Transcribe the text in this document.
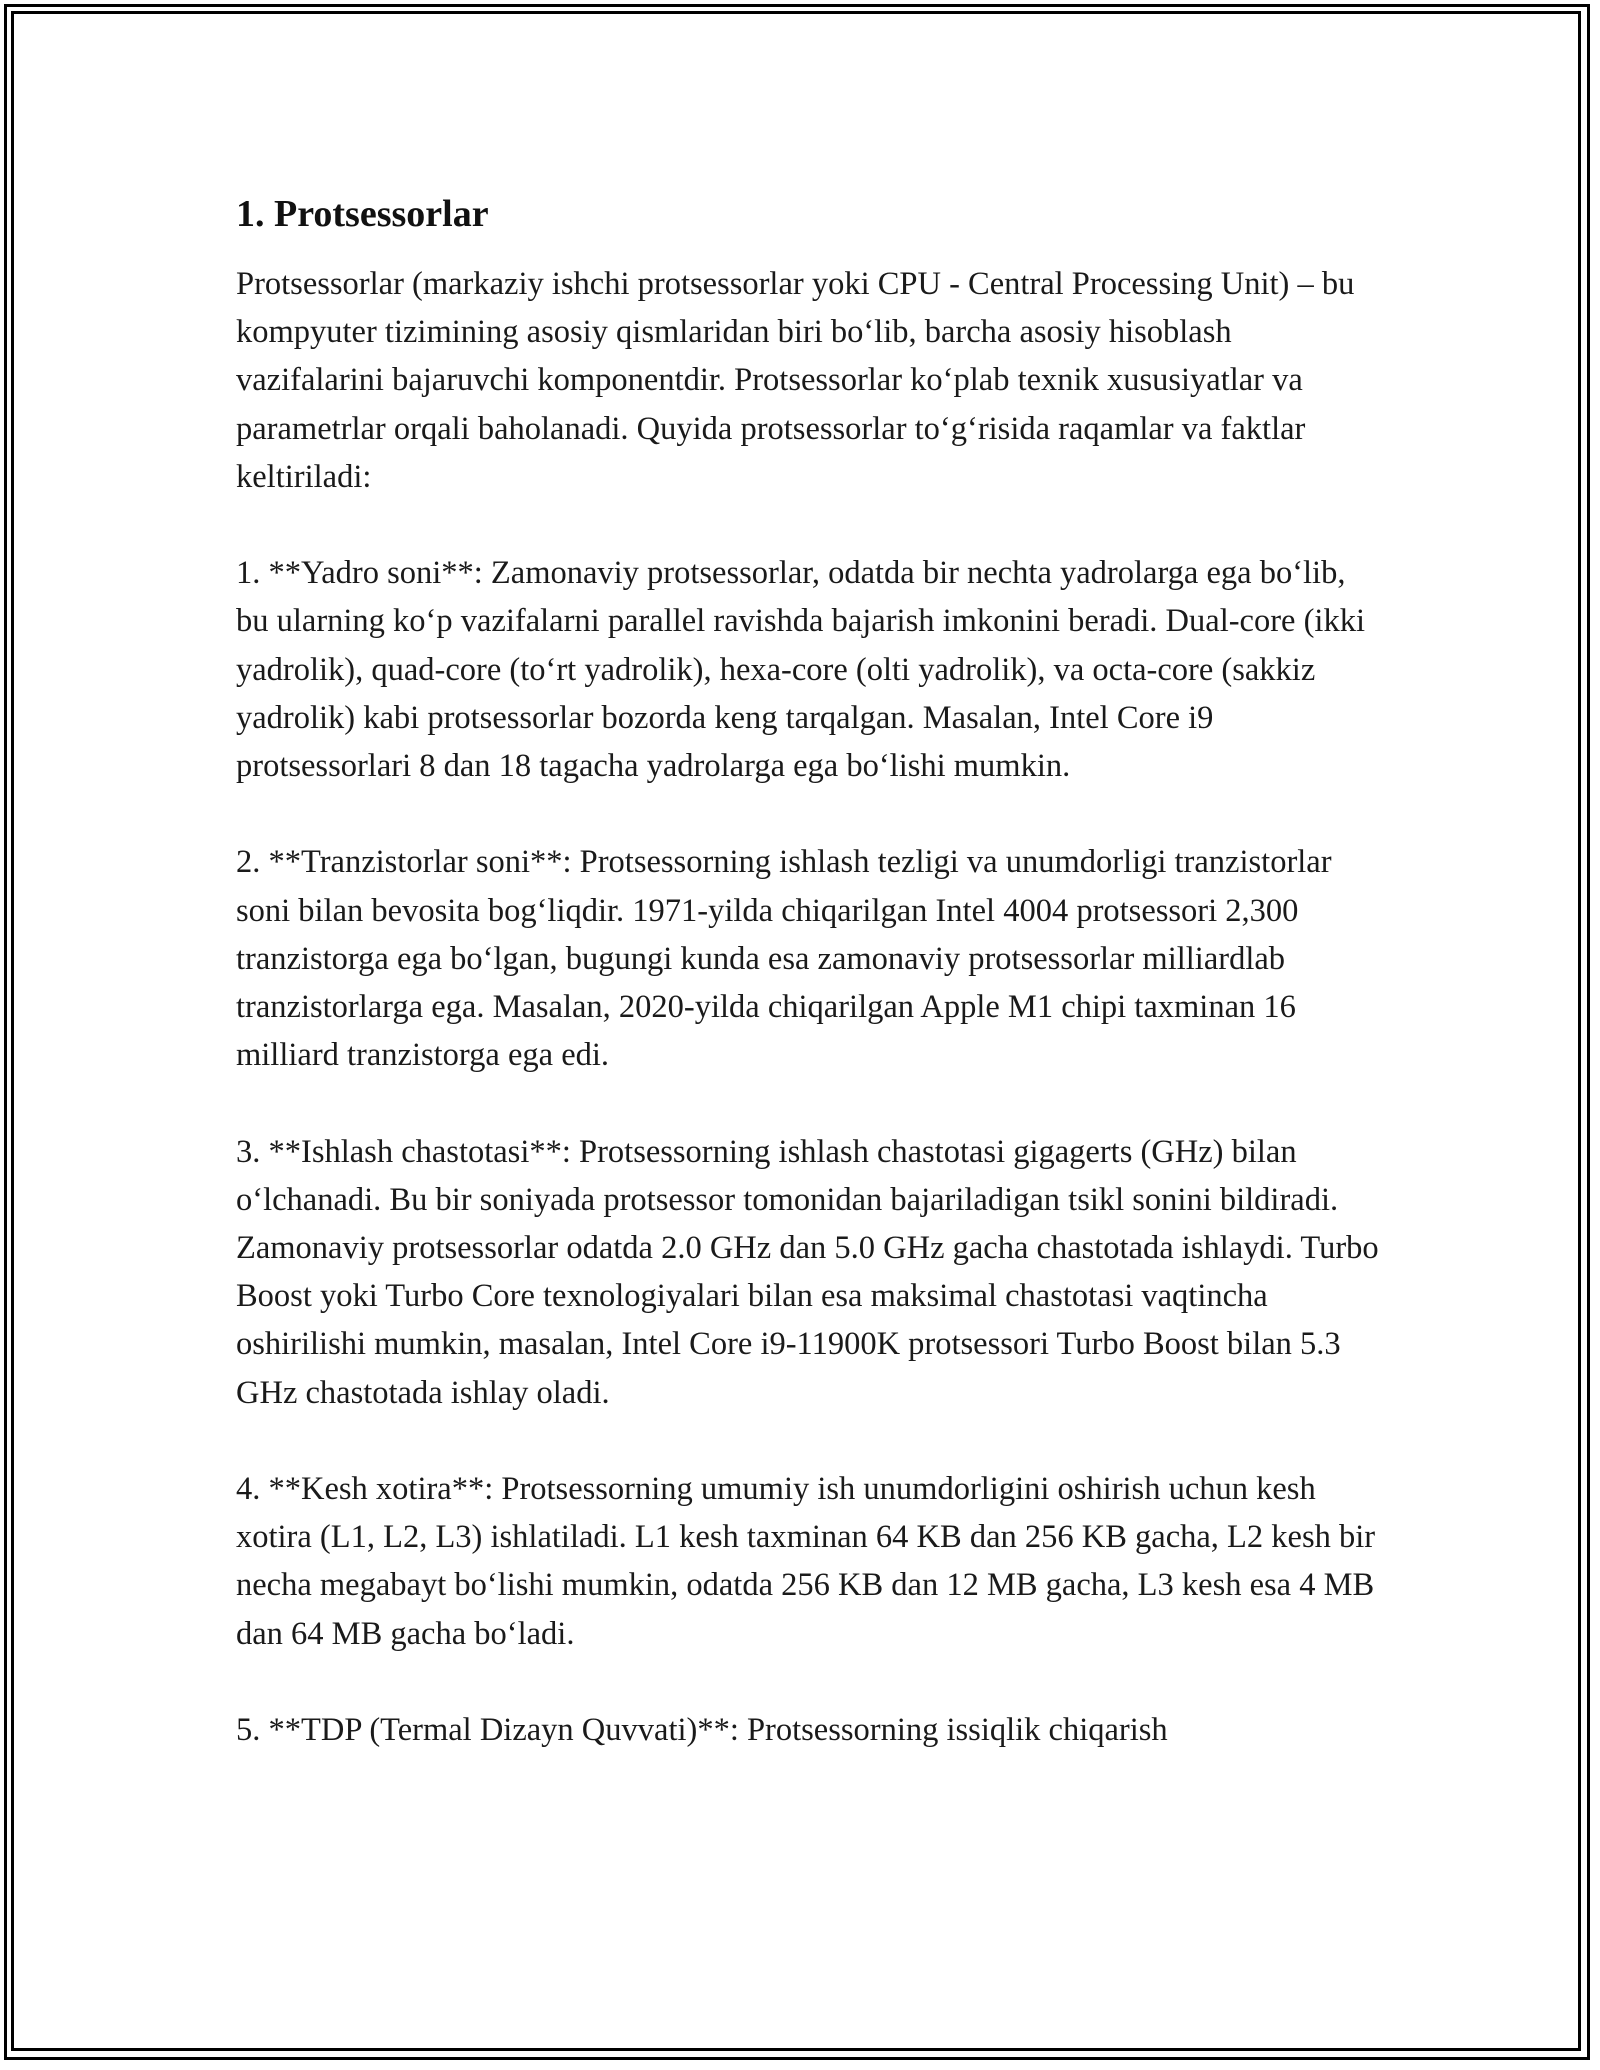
1. Protsessorlar

Protsessorlar (markaziy ishchi protsessorlar yoki CPU - Central Processing Unit) – bu kompyuter tizimining asosiy qismlaridan biri bo‘lib, barcha asosiy hisoblash vazifalarini bajaruvchi komponentdir. Protsessorlar ko‘plab texnik xususiyatlar va parametrlar orqali baholanadi. Quyida protsessorlar to‘g‘risida raqamlar va faktlar keltiriladi:

1. **Yadro soni**: Zamonaviy protsessorlar, odatda bir nechta yadrolarga ega bo‘lib, bu ularning ko‘p vazifalarni parallel ravishda bajarish imkonini beradi. Dual-core (ikki yadrolik), quad-core (to‘rt yadrolik), hexa-core (olti yadrolik), va octa-core (sakkiz yadrolik) kabi protsessorlar bozorda keng tarqalgan. Masalan, Intel Core i9 protsessorlari 8 dan 18 tagacha yadrolarga ega bo‘lishi mumkin.

2. **Tranzistorlar soni**: Protsessorning ishlash tezligi va unumdorligi tranzistorlar soni bilan bevosita bog‘liqdir. 1971-yilda chiqarilgan Intel 4004 protsessori 2,300 tranzistorga ega bo‘lgan, bugungi kunda esa zamonaviy protsessorlar milliardlab tranzistorlarga ega. Masalan, 2020-yilda chiqarilgan Apple M1 chipi taxminan 16 milliard tranzistorga ega edi.

3. **Ishlash chastotasi**: Protsessorning ishlash chastotasi gigagerts (GHz) bilan o‘lchanadi. Bu bir soniyada protsessor tomonidan bajariladigan tsikl sonini bildiradi. Zamonaviy protsessorlar odatda 2.0 GHz dan 5.0 GHz gacha chastotada ishlaydi. Turbo Boost yoki Turbo Core texnologiyalari bilan esa maksimal chastotasi vaqtincha oshirilishi mumkin, masalan, Intel Core i9-11900K protsessori Turbo Boost bilan 5.3 GHz chastotada ishlay oladi.

4. **Kesh xotira**: Protsessorning umumiy ish unumdorligini oshirish uchun kesh xotira (L1, L2, L3) ishlatiladi. L1 kesh taxminan 64 KB dan 256 KB gacha, L2 kesh bir necha megabayt bo‘lishi mumkin, odatda 256 KB dan 12 MB gacha, L3 kesh esa 4 MB dan 64 MB gacha bo‘ladi.

5. **TDP (Termal Dizayn Quvvati)**: Protsessorning issiqlik chiqarish
